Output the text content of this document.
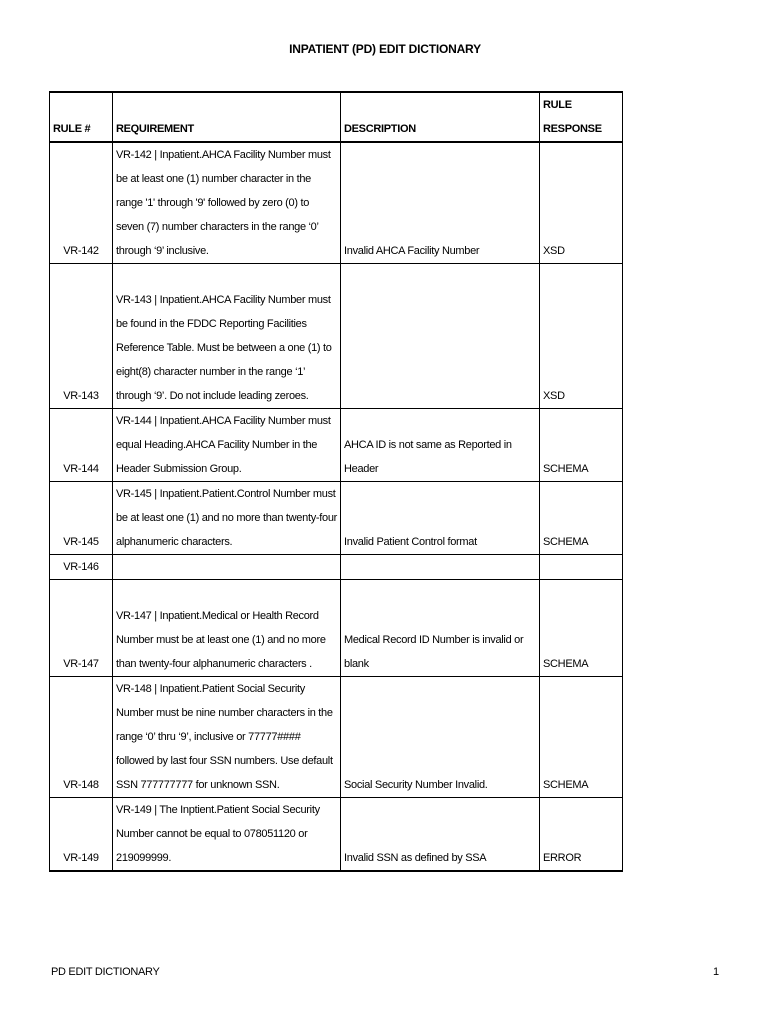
INPATIENT (PD) EDIT DICTIONARY
RULE #	REQUIREMENT	DESCRIPTION	RULE RESPONSE
VR-142	VR-142 | Inpatient.AHCA Facility Number must be at least one (1) number character in the range '1' through '9' followed by zero (0) to seven (7) number characters in the range ‘0’ through ‘9’ inclusive.	Invalid AHCA Facility Number	XSD
VR-143	VR-143 | Inpatient.AHCA Facility Number must be found in the FDDC Reporting Facilities Reference Table. Must be between a one (1) to eight(8) character number in the range ‘1’ through ‘9’. Do not include leading zeroes.		XSD
VR-144	VR-144 | Inpatient.AHCA Facility Number must equal Heading.AHCA Facility Number in the Header Submission Group.	AHCA ID is not same as Reported in Header	SCHEMA
VR-145	VR-145 | Inpatient.Patient.Control Number must be at least one (1) and no more than twenty-four alphanumeric characters.	Invalid Patient Control format	SCHEMA
VR-146			
VR-147	VR-147 | Inpatient.Medical or Health Record Number must be at least one (1) and no more than twenty-four alphanumeric characters .	Medical Record ID Number is invalid or blank	SCHEMA
VR-148	VR-148 | Inpatient.Patient Social Security Number must be nine number characters in the range ‘0’ thru ‘9’, inclusive or 77777#### followed by last four SSN numbers. Use default SSN 777777777 for unknown SSN.	Social Security Number Invalid.	SCHEMA
VR-149	VR-149 | The Inptient.Patient Social Security Number cannot be equal to 078051120 or 219099999.	Invalid SSN as defined by SSA	ERROR
PD EDIT DICTIONARY	1
